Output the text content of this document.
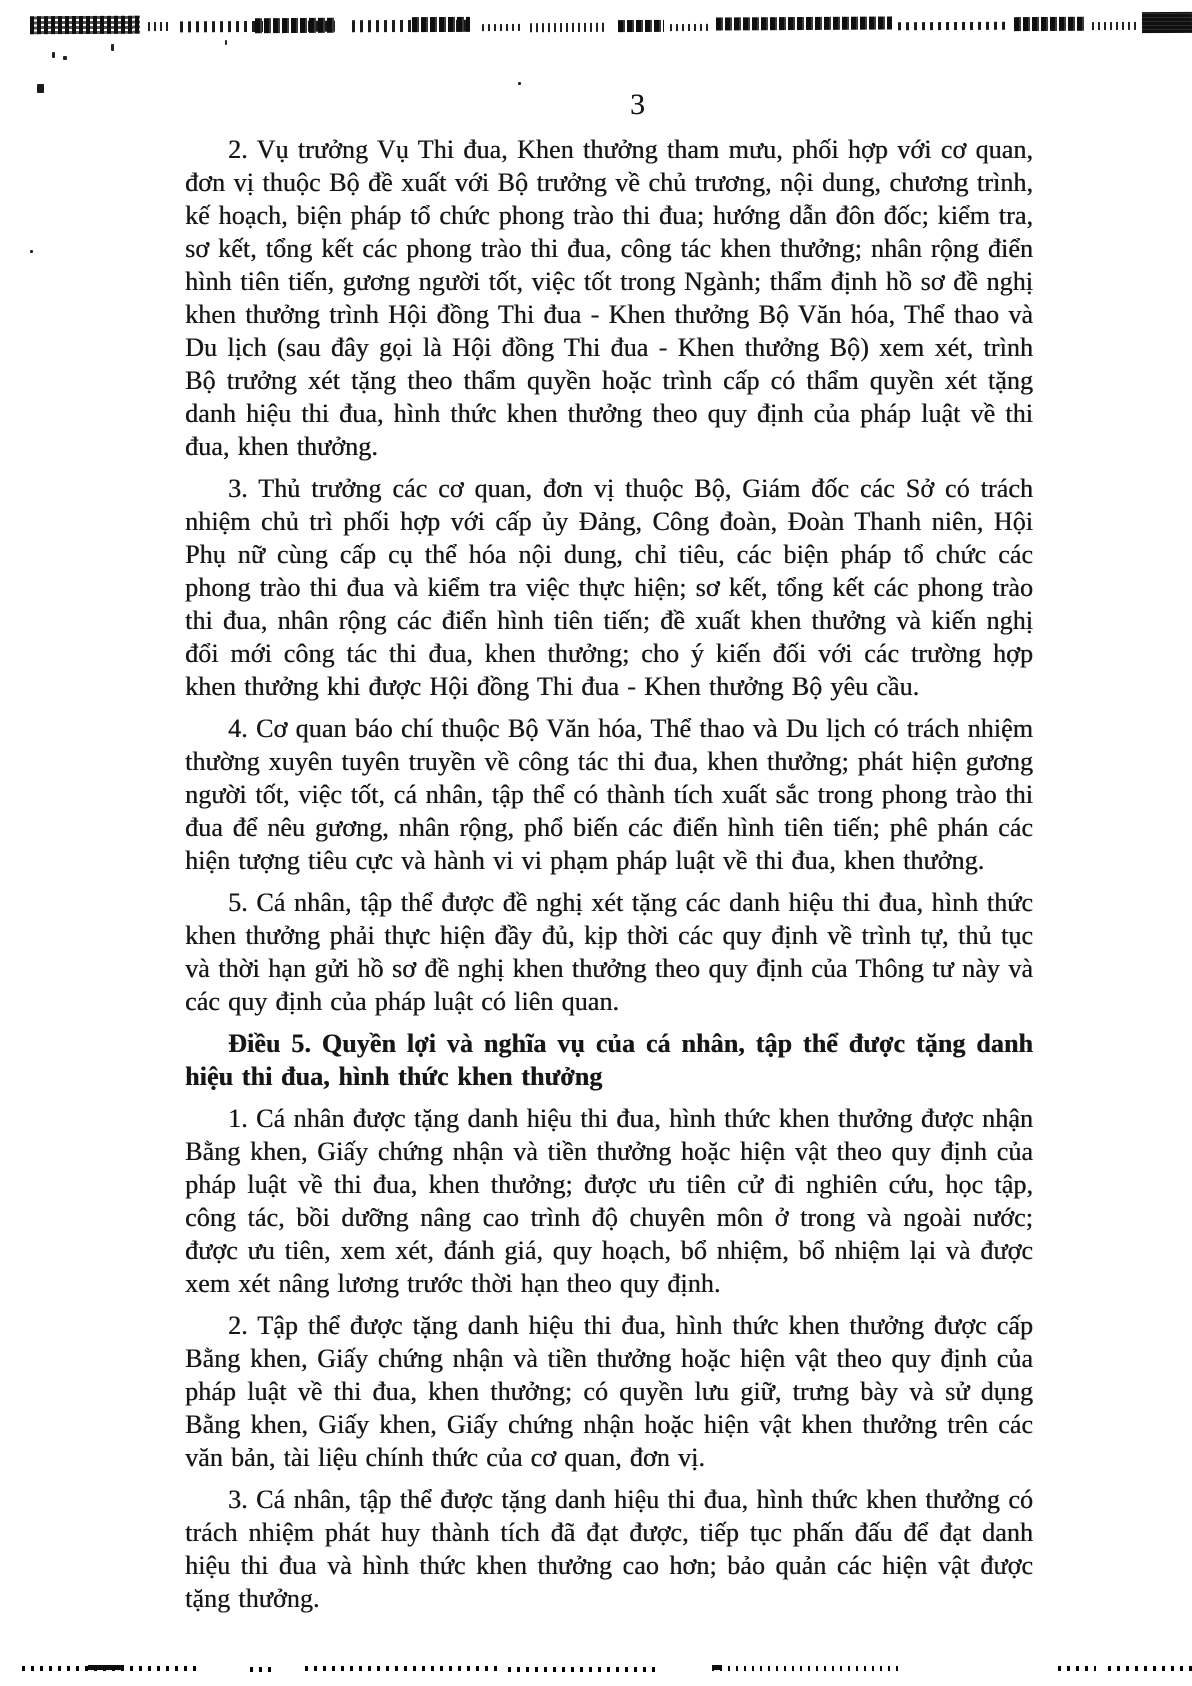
3

2. Vụ trưởng Vụ Thi đua, Khen thưởng tham mưu, phối hợp với cơ quan, đơn vị thuộc Bộ đề xuất với Bộ trưởng về chủ trương, nội dung, chương trình, kế hoạch, biện pháp tổ chức phong trào thi đua; hướng dẫn đôn đốc; kiểm tra, sơ kết, tổng kết các phong trào thi đua, công tác khen thưởng; nhân rộng điển hình tiên tiến, gương người tốt, việc tốt trong Ngành; thẩm định hồ sơ đề nghị khen thưởng trình Hội đồng Thi đua - Khen thưởng Bộ Văn hóa, Thể thao và Du lịch (sau đây gọi là Hội đồng Thi đua - Khen thưởng Bộ) xem xét, trình Bộ trưởng xét tặng theo thẩm quyền hoặc trình cấp có thẩm quyền xét tặng danh hiệu thi đua, hình thức khen thưởng theo quy định của pháp luật về thi đua, khen thưởng.

3. Thủ trưởng các cơ quan, đơn vị thuộc Bộ, Giám đốc các Sở có trách nhiệm chủ trì phối hợp với cấp ủy Đảng, Công đoàn, Đoàn Thanh niên, Hội Phụ nữ cùng cấp cụ thể hóa nội dung, chỉ tiêu, các biện pháp tổ chức các phong trào thi đua và kiểm tra việc thực hiện; sơ kết, tổng kết các phong trào thi đua, nhân rộng các điển hình tiên tiến; đề xuất khen thưởng và kiến nghị đổi mới công tác thi đua, khen thưởng; cho ý kiến đối với các trường hợp khen thưởng khi được Hội đồng Thi đua - Khen thưởng Bộ yêu cầu.

4. Cơ quan báo chí thuộc Bộ Văn hóa, Thể thao và Du lịch có trách nhiệm thường xuyên tuyên truyền về công tác thi đua, khen thưởng; phát hiện gương người tốt, việc tốt, cá nhân, tập thể có thành tích xuất sắc trong phong trào thi đua để nêu gương, nhân rộng, phổ biến các điển hình tiên tiến; phê phán các hiện tượng tiêu cực và hành vi vi phạm pháp luật về thi đua, khen thưởng.

5. Cá nhân, tập thể được đề nghị xét tặng các danh hiệu thi đua, hình thức khen thưởng phải thực hiện đầy đủ, kịp thời các quy định về trình tự, thủ tục và thời hạn gửi hồ sơ đề nghị khen thưởng theo quy định của Thông tư này và các quy định của pháp luật có liên quan.

Điều 5. Quyền lợi và nghĩa vụ của cá nhân, tập thể được tặng danh hiệu thi đua, hình thức khen thưởng

1. Cá nhân được tặng danh hiệu thi đua, hình thức khen thưởng được nhận Bằng khen, Giấy chứng nhận và tiền thưởng hoặc hiện vật theo quy định của pháp luật về thi đua, khen thưởng; được ưu tiên cử đi nghiên cứu, học tập, công tác, bồi dưỡng nâng cao trình độ chuyên môn ở trong và ngoài nước; được ưu tiên, xem xét, đánh giá, quy hoạch, bổ nhiệm, bổ nhiệm lại và được xem xét nâng lương trước thời hạn theo quy định.

2. Tập thể được tặng danh hiệu thi đua, hình thức khen thưởng được cấp Bằng khen, Giấy chứng nhận và tiền thưởng hoặc hiện vật theo quy định của pháp luật về thi đua, khen thưởng; có quyền lưu giữ, trưng bày và sử dụng Bằng khen, Giấy khen, Giấy chứng nhận hoặc hiện vật khen thưởng trên các văn bản, tài liệu chính thức của cơ quan, đơn vị.

3. Cá nhân, tập thể được tặng danh hiệu thi đua, hình thức khen thưởng có trách nhiệm phát huy thành tích đã đạt được, tiếp tục phấn đấu để đạt danh hiệu thi đua và hình thức khen thưởng cao hơn; bảo quản các hiện vật được tặng thưởng.
